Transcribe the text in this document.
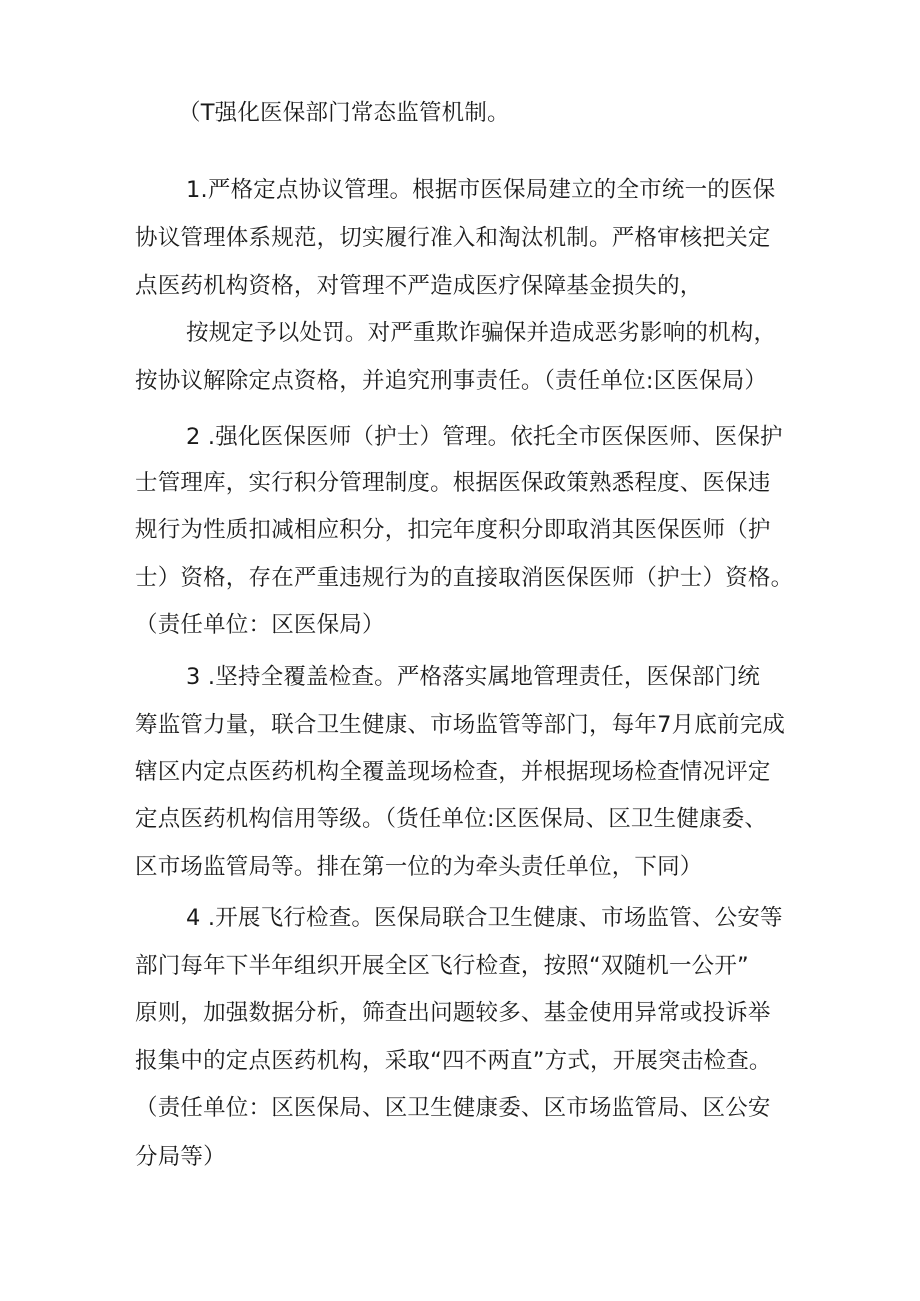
（T强化医保部门常态监管机制。
1.严格定点协议管理。根据市医保局建立的全市统一的医保
协议管理体系规范，切实履行准入和淘汰机制。严格审核把关定
点医药机构资格，对管理不严造成医疗保障基金损失的，
按规定予以处罚。对严重欺诈骗保并造成恶劣影响的机构，
按协议解除定点资格，并追究刑事责任。（责任单位:区医保局）
2 .强化医保医师（护士）管理。依托全市医保医师、医保护
士管理库，实行积分管理制度。根据医保政策熟悉程度、医保违
规行为性质扣减相应积分，扣完年度积分即取消其医保医师（护
士）资格，存在严重违规行为的直接取消医保医师（护士）资格。
（责任单位：区医保局）
3 .坚持全覆盖检查。严格落实属地管理责任，医保部门统
筹监管力量，联合卫生健康、市场监管等部门，每年7月底前完成
辖区内定点医药机构全覆盖现场检查，并根据现场检查情况评定
定点医药机构信用等级。（货任单位:区医保局、区卫生健康委、
区市场监管局等。排在第一位的为牵头责任单位，下同）
4 .开展飞行检查。医保局联合卫生健康、市场监管、公安等
部门每年下半年组织开展全区飞行检查，按照“双随机一公开”
原则，加强数据分析，筛查出问题较多、基金使用异常或投诉举
报集中的定点医药机构，采取“四不两直”方式，开展突击检查。
（责任单位：区医保局、区卫生健康委、区市场监管局、区公安
分局等）
